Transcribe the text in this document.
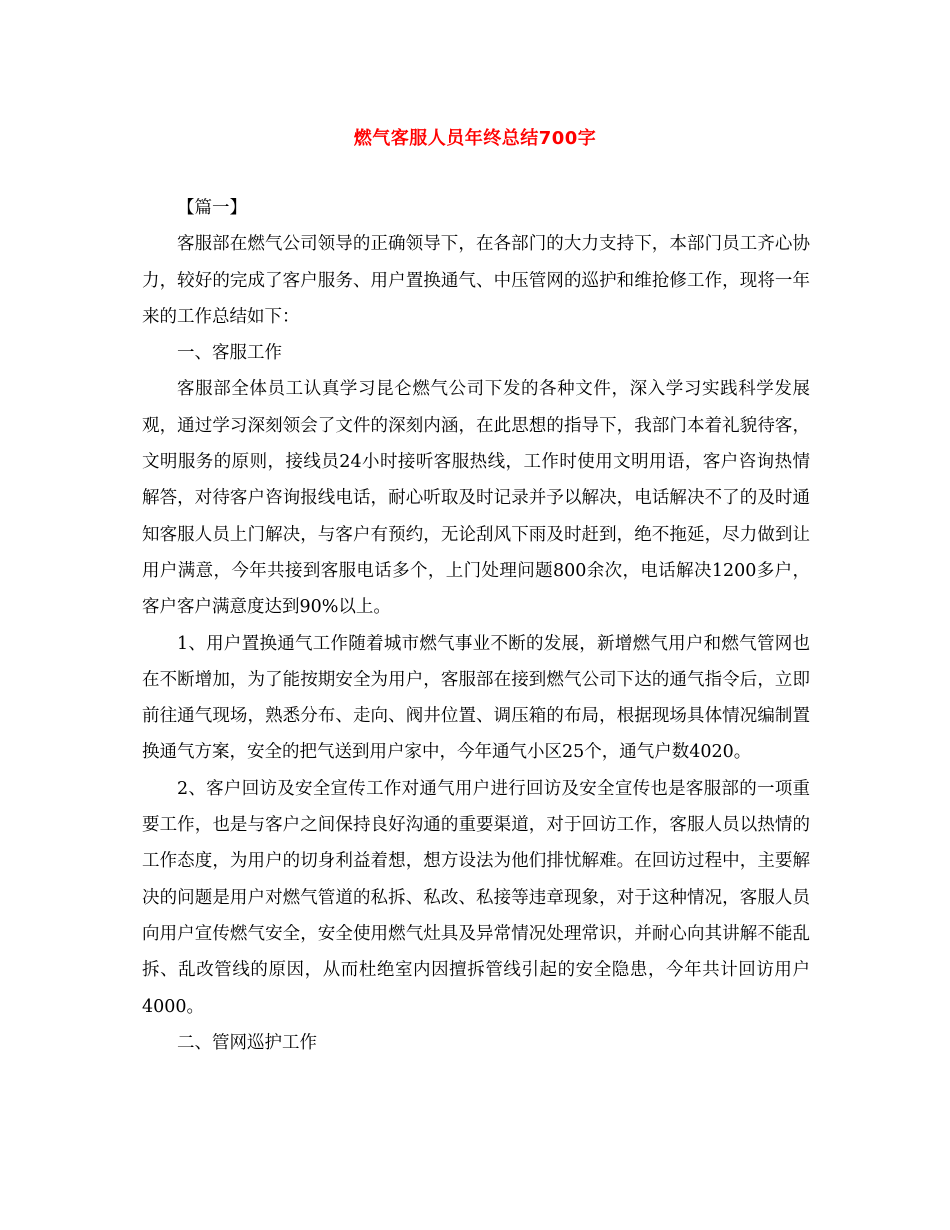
燃气客服人员年终总结700字

【篇一】

客服部在燃气公司领导的正确领导下，在各部门的大力支持下，本部门员工齐心协力，较好的完成了客户服务、用户置换通气、中压管网的巡护和维抢修工作，现将一年来的工作总结如下：

一、客服工作

客服部全体员工认真学习昆仑燃气公司下发的各种文件，深入学习实践科学发展观，通过学习深刻领会了文件的深刻内涵，在此思想的指导下，我部门本着礼貌待客，文明服务的原则，接线员24小时接听客服热线，工作时使用文明用语，客户咨询热情解答，对待客户咨询报线电话，耐心听取及时记录并予以解决，电话解决不了的及时通知客服人员上门解决，与客户有预约，无论刮风下雨及时赶到，绝不拖延，尽力做到让用户满意，今年共接到客服电话多个，上门处理问题800余次，电话解决1200多户，客户客户满意度达到90%以上。

1、用户置换通气工作随着城市燃气事业不断的发展，新增燃气用户和燃气管网也在不断增加，为了能按期安全为用户，客服部在接到燃气公司下达的通气指令后，立即前往通气现场，熟悉分布、走向、阀井位置、调压箱的布局，根据现场具体情况编制置换通气方案，安全的把气送到用户家中，今年通气小区25个，通气户数4020。

2、客户回访及安全宣传工作对通气用户进行回访及安全宣传也是客服部的一项重要工作，也是与客户之间保持良好沟通的重要渠道，对于回访工作，客服人员以热情的工作态度，为用户的切身利益着想，想方设法为他们排忧解难。在回访过程中，主要解决的问题是用户对燃气管道的私拆、私改、私接等违章现象，对于这种情况，客服人员向用户宣传燃气安全，安全使用燃气灶具及异常情况处理常识，并耐心向其讲解不能乱拆、乱改管线的原因，从而杜绝室内因擅拆管线引起的安全隐患，今年共计回访用户4000。

二、管网巡护工作
